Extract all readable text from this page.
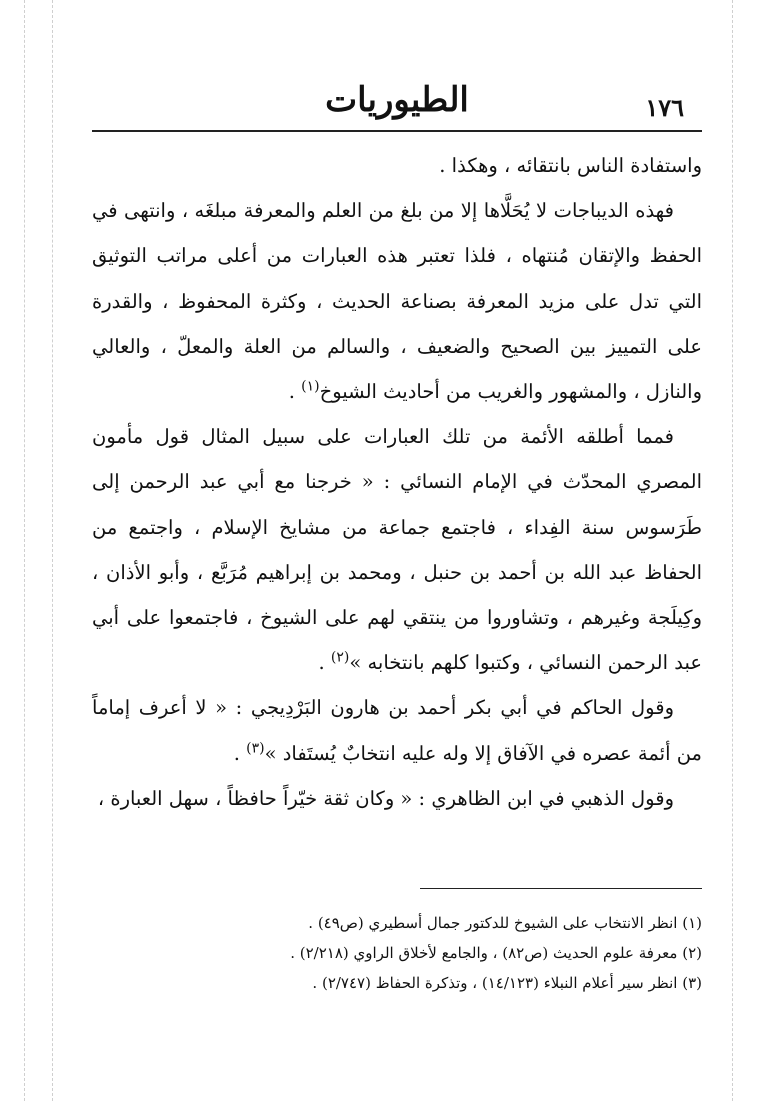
الطيوريات	١٧٦

واستفادة الناس بانتقائه ، وهكذا .

فهذه الديباجات لا يُحَلَّاها إلا من بلغ من العلم والمعرفة مبلغَه ، وانتهى في الحفظ والإتقان مُنتهاه ، فلذا تعتبر هذه العبارات من أعلى مراتب التوثيق التي تدل على مزيد المعرفة بصناعة الحديث ، وكثرة المحفوظ ، والقدرة على التمييز بين الصحيح والضعيف ، والسالم من العلة والمعلّ ، والعالي والنازل ، والمشهور والغريب من أحاديث الشيوخ$^{(١)}$ .

فمما أطلقه الأئمة من تلك العبارات على سبيل المثال قول مأمون المصري المحدّث في الإمام النسائي : « خرجنا مع أبي عبد الرحمن إلى طَرَسوس سنة الفِداء ، فاجتمع جماعة من مشايخ الإسلام ، واجتمع من الحفاظ عبد الله بن أحمد بن حنبل ، ومحمد بن إبراهيم مُرَبَّع ، وأبو الأذان ، وكِيلَجة وغيرهم ، وتشاوروا من ينتقي لهم على الشيوخ ، فاجتمعوا على أبي عبد الرحمن النسائي ، وكتبوا كلهم بانتخابه »$^{(٢)}$ .

وقول الحاكم في أبي بكر أحمد بن هارون البَرْدِيجي : « لا أعرف إماماً من أئمة عصره في الآفاق إلا وله عليه انتخابٌ يُستَفاد »$^{(٣)}$ .

وقول الذهبي في ابن الظاهري : « وكان ثقة خيّراً حافظاً ، سهل العبارة ،

(١) انظر الانتخاب على الشيوخ للدكتور جمال أسطيري (ص٤٩) .

(٢) معرفة علوم الحديث (ص٨٢) ، والجامع لأخلاق الراوي (٢/٢١٨) .

(٣) انظر سير أعلام النبلاء (١٤/١٢٣) ، وتذكرة الحفاظ (٢/٧٤٧) .
